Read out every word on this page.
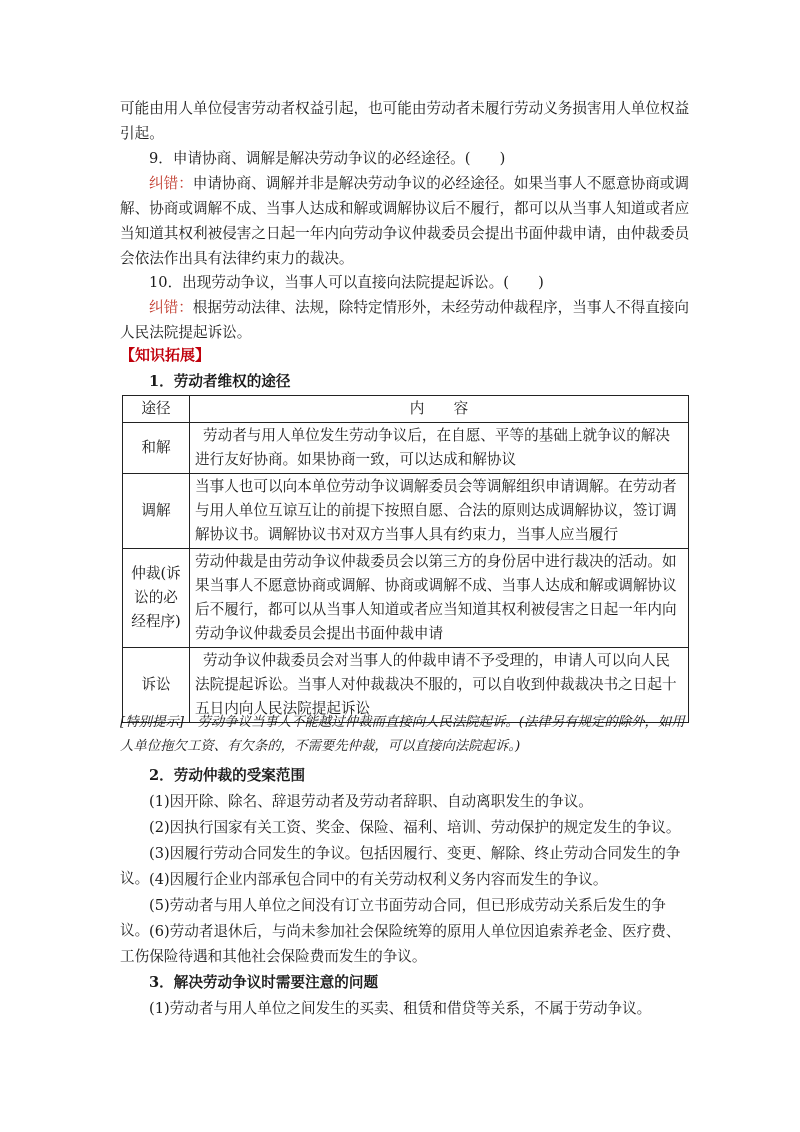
可能由用人单位侵害劳动者权益引起，也可能由劳动者未履行劳动义务损害用人单位权益
引起。

9．申请协商、调解是解决劳动争议的必经途径。(　　)

纠错：申请协商、调解并非是解决劳动争议的必经途径。如果当事人不愿意协商或调解、协商或调解不成、当事人达成和解或调解协议后不履行，都可以从当事人知道或者应当知道其权利被侵害之日起一年内向劳动争议仲裁委员会提出书面仲裁申请，由仲裁委员会依法作出具有法律约束力的裁决。

10．出现劳动争议，当事人可以直接向法院提起诉讼。(　　)

纠错：根据劳动法律、法规，除特定情形外，未经劳动仲裁程序，当事人不得直接向人民法院提起诉讼。

【知识拓展】

1．劳动者维权的途径

途径	内　　容
和解	劳动者与用人单位发生劳动争议后，在自愿、平等的基础上就争议的解决进行友好协商。如果协商一致，可以达成和解协议
调解	当事人也可以向本单位劳动争议调解委员会等调解组织申请调解。在劳动者与用人单位互谅互让的前提下按照自愿、合法的原则达成调解协议，签订调解协议书。调解协议书对双方当事人具有约束力，当事人应当履行
仲裁(诉讼的必经程序)	劳动仲裁是由劳动争议仲裁委员会以第三方的身份居中进行裁决的活动。如果当事人不愿意协商或调解、协商或调解不成、当事人达成和解或调解协议后不履行，都可以从当事人知道或者应当知道其权利被侵害之日起一年内向劳动争议仲裁委员会提出书面仲裁申请
诉讼	劳动争议仲裁委员会对当事人的仲裁申请不予受理的，申请人可以向人民法院提起诉讼。当事人对仲裁裁决不服的，可以自收到仲裁裁决书之日起十五日内向人民法院提起诉讼

[特别提示]　劳动争议当事人不能越过仲裁而直接向人民法院起诉。(法律另有规定的除外，如用人单位拖欠工资、有欠条的，不需要先仲裁，可以直接向法院起诉。)

2．劳动仲裁的受案范围

(1)因开除、除名、辞退劳动者及劳动者辞职、自动离职发生的争议。

(2)因执行国家有关工资、奖金、保险、福利、培训、劳动保护的规定发生的争议。

(3)因履行劳动合同发生的争议。包括因履行、变更、解除、终止劳动合同发生的争议。 (4)因履行企业内部承包合同中的有关劳动权利义务内容而发生的争议。

(5)劳动者与用人单位之间没有订立书面劳动合同，但已形成劳动关系后发生的争议。 (6)劳动者退休后，与尚未参加社会保险统筹的原用人单位因追索养老金、医疗费、工伤保险待遇和其他社会保险费而发生的争议。

3．解决劳动争议时需要注意的问题

(1)劳动者与用人单位之间发生的买卖、租赁和借贷等关系，不属于劳动争议。
